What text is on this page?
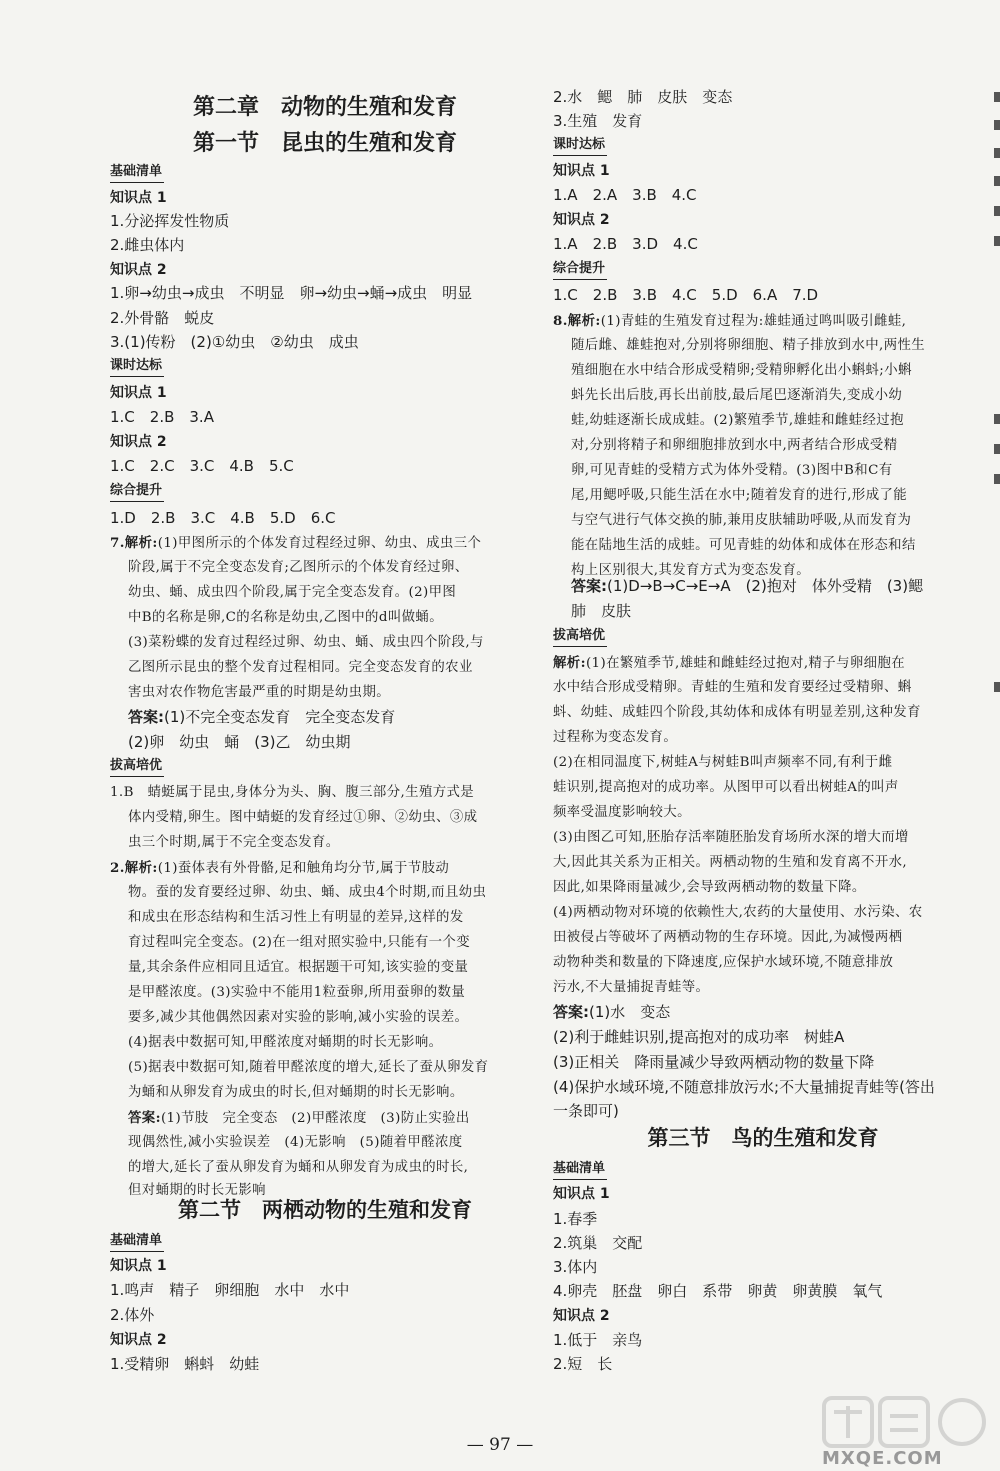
第二章　动物的生殖和发育
第一节　昆虫的生殖和发育
基础清单
知识点 1
1.分泌挥发性物质
2.雌虫体内
知识点 2
1.卵→幼虫→成虫　不明显　卵→幼虫→蛹→成虫　明显
2.外骨骼　蜕皮
3.(1)传粉　(2)①幼虫　②幼虫　成虫
课时达标
知识点 1
1.C　2.B　3.A
知识点 2
1.C　2.C　3.C　4.B　5.C
综合提升
1.D　2.B　3.C　4.B　5.D　6.C
7.解析:(1)甲图所示的个体发育过程经过卵、幼虫、成虫三个
阶段,属于不完全变态发育;乙图所示的个体发育经过卵、
幼虫、蛹、成虫四个阶段,属于完全变态发育。(2)甲图
中B的名称是卵,C的名称是幼虫,乙图中的d叫做蛹。
(3)菜粉蝶的发育过程经过卵、幼虫、蛹、成虫四个阶段,与
乙图所示昆虫的整个发育过程相同。完全变态发育的农业
害虫对农作物危害最严重的时期是幼虫期。
答案:(1)不完全变态发育　完全变态发育
(2)卵　幼虫　蛹　(3)乙　幼虫期
拔高培优
1.B　蜻蜓属于昆虫,身体分为头、胸、腹三部分,生殖方式是
体内受精,卵生。图中蜻蜓的发育经过①卵、②幼虫、③成
虫三个时期,属于不完全变态发育。
2.解析:(1)蚕体表有外骨骼,足和触角均分节,属于节肢动
物。蚕的发育要经过卵、幼虫、蛹、成虫4个时期,而且幼虫
和成虫在形态结构和生活习性上有明显的差异,这样的发
育过程叫完全变态。(2)在一组对照实验中,只能有一个变
量,其余条件应相同且适宜。根据题干可知,该实验的变量
是甲醛浓度。(3)实验中不能用1粒蚕卵,所用蚕卵的数量
要多,减少其他偶然因素对实验的影响,减小实验的误差。
(4)据表中数据可知,甲醛浓度对蛹期的时长无影响。
(5)据表中数据可知,随着甲醛浓度的增大,延长了蚕从卵发育
为蛹和从卵发育为成虫的时长,但对蛹期的时长无影响。
答案:(1)节肢　完全变态　(2)甲醛浓度　(3)防止实验出
现偶然性,减小实验误差　(4)无影响　(5)随着甲醛浓度
的增大,延长了蚕从卵发育为蛹和从卵发育为成虫的时长,
但对蛹期的时长无影响
第二节　两栖动物的生殖和发育
基础清单
知识点 1
1.鸣声　精子　卵细胞　水中　水中
2.体外
知识点 2
1.受精卵　蝌蚪　幼蛙
2.水　鳃　肺　皮肤　变态
3.生殖　发育
课时达标
知识点 1
1.A　2.A　3.B　4.C
知识点 2
1.A　2.B　3.D　4.C
综合提升
1.C　2.B　3.B　4.C　5.D　6.A　7.D
8.解析:(1)青蛙的生殖发育过程为:雄蛙通过鸣叫吸引雌蛙,
随后雌、雄蛙抱对,分别将卵细胞、精子排放到水中,两性生
殖细胞在水中结合形成受精卵;受精卵孵化出小蝌蚪;小蝌
蚪先长出后肢,再长出前肢,最后尾巴逐渐消失,变成小幼
蛙,幼蛙逐渐长成成蛙。(2)繁殖季节,雄蛙和雌蛙经过抱
对,分别将精子和卵细胞排放到水中,两者结合形成受精
卵,可见青蛙的受精方式为体外受精。(3)图中B和C有
尾,用鳃呼吸,只能生活在水中;随着发育的进行,形成了能
与空气进行气体交换的肺,兼用皮肤辅助呼吸,从而发育为
能在陆地生活的成蛙。可见青蛙的幼体和成体在形态和结
构上区别很大,其发育方式为变态发育。
答案:(1)D→B→C→E→A　(2)抱对　体外受精　(3)鳃
肺　皮肤
拔高培优
解析:(1)在繁殖季节,雄蛙和雌蛙经过抱对,精子与卵细胞在
水中结合形成受精卵。青蛙的生殖和发育要经过受精卵、蝌
蚪、幼蛙、成蛙四个阶段,其幼体和成体有明显差别,这种发育
过程称为变态发育。
(2)在相同温度下,树蛙A与树蛙B叫声频率不同,有利于雌
蛙识别,提高抱对的成功率。从图甲可以看出树蛙A的叫声
频率受温度影响较大。
(3)由图乙可知,胚胎存活率随胚胎发育场所水深的增大而增
大,因此其关系为正相关。两栖动物的生殖和发育离不开水,
因此,如果降雨量减少,会导致两栖动物的数量下降。
(4)两栖动物对环境的依赖性大,农药的大量使用、水污染、农
田被侵占等破坏了两栖动物的生存环境。因此,为减慢两栖
动物种类和数量的下降速度,应保护水域环境,不随意排放
污水,不大量捕捉青蛙等。
答案:(1)水　变态
(2)利于雌蛙识别,提高抱对的成功率　树蛙A
(3)正相关　降雨量减少导致两栖动物的数量下降
(4)保护水域环境,不随意排放污水;不大量捕捉青蛙等(答出
一条即可)
第三节　鸟的生殖和发育
基础清单
知识点 1
1.春季
2.筑巢　交配
3.体内
4.卵壳　胚盘　卵白　系带　卵黄　卵黄膜　氧气
知识点 2
1.低于　亲鸟
2.短　长
— 97 —
MXQE.COM
